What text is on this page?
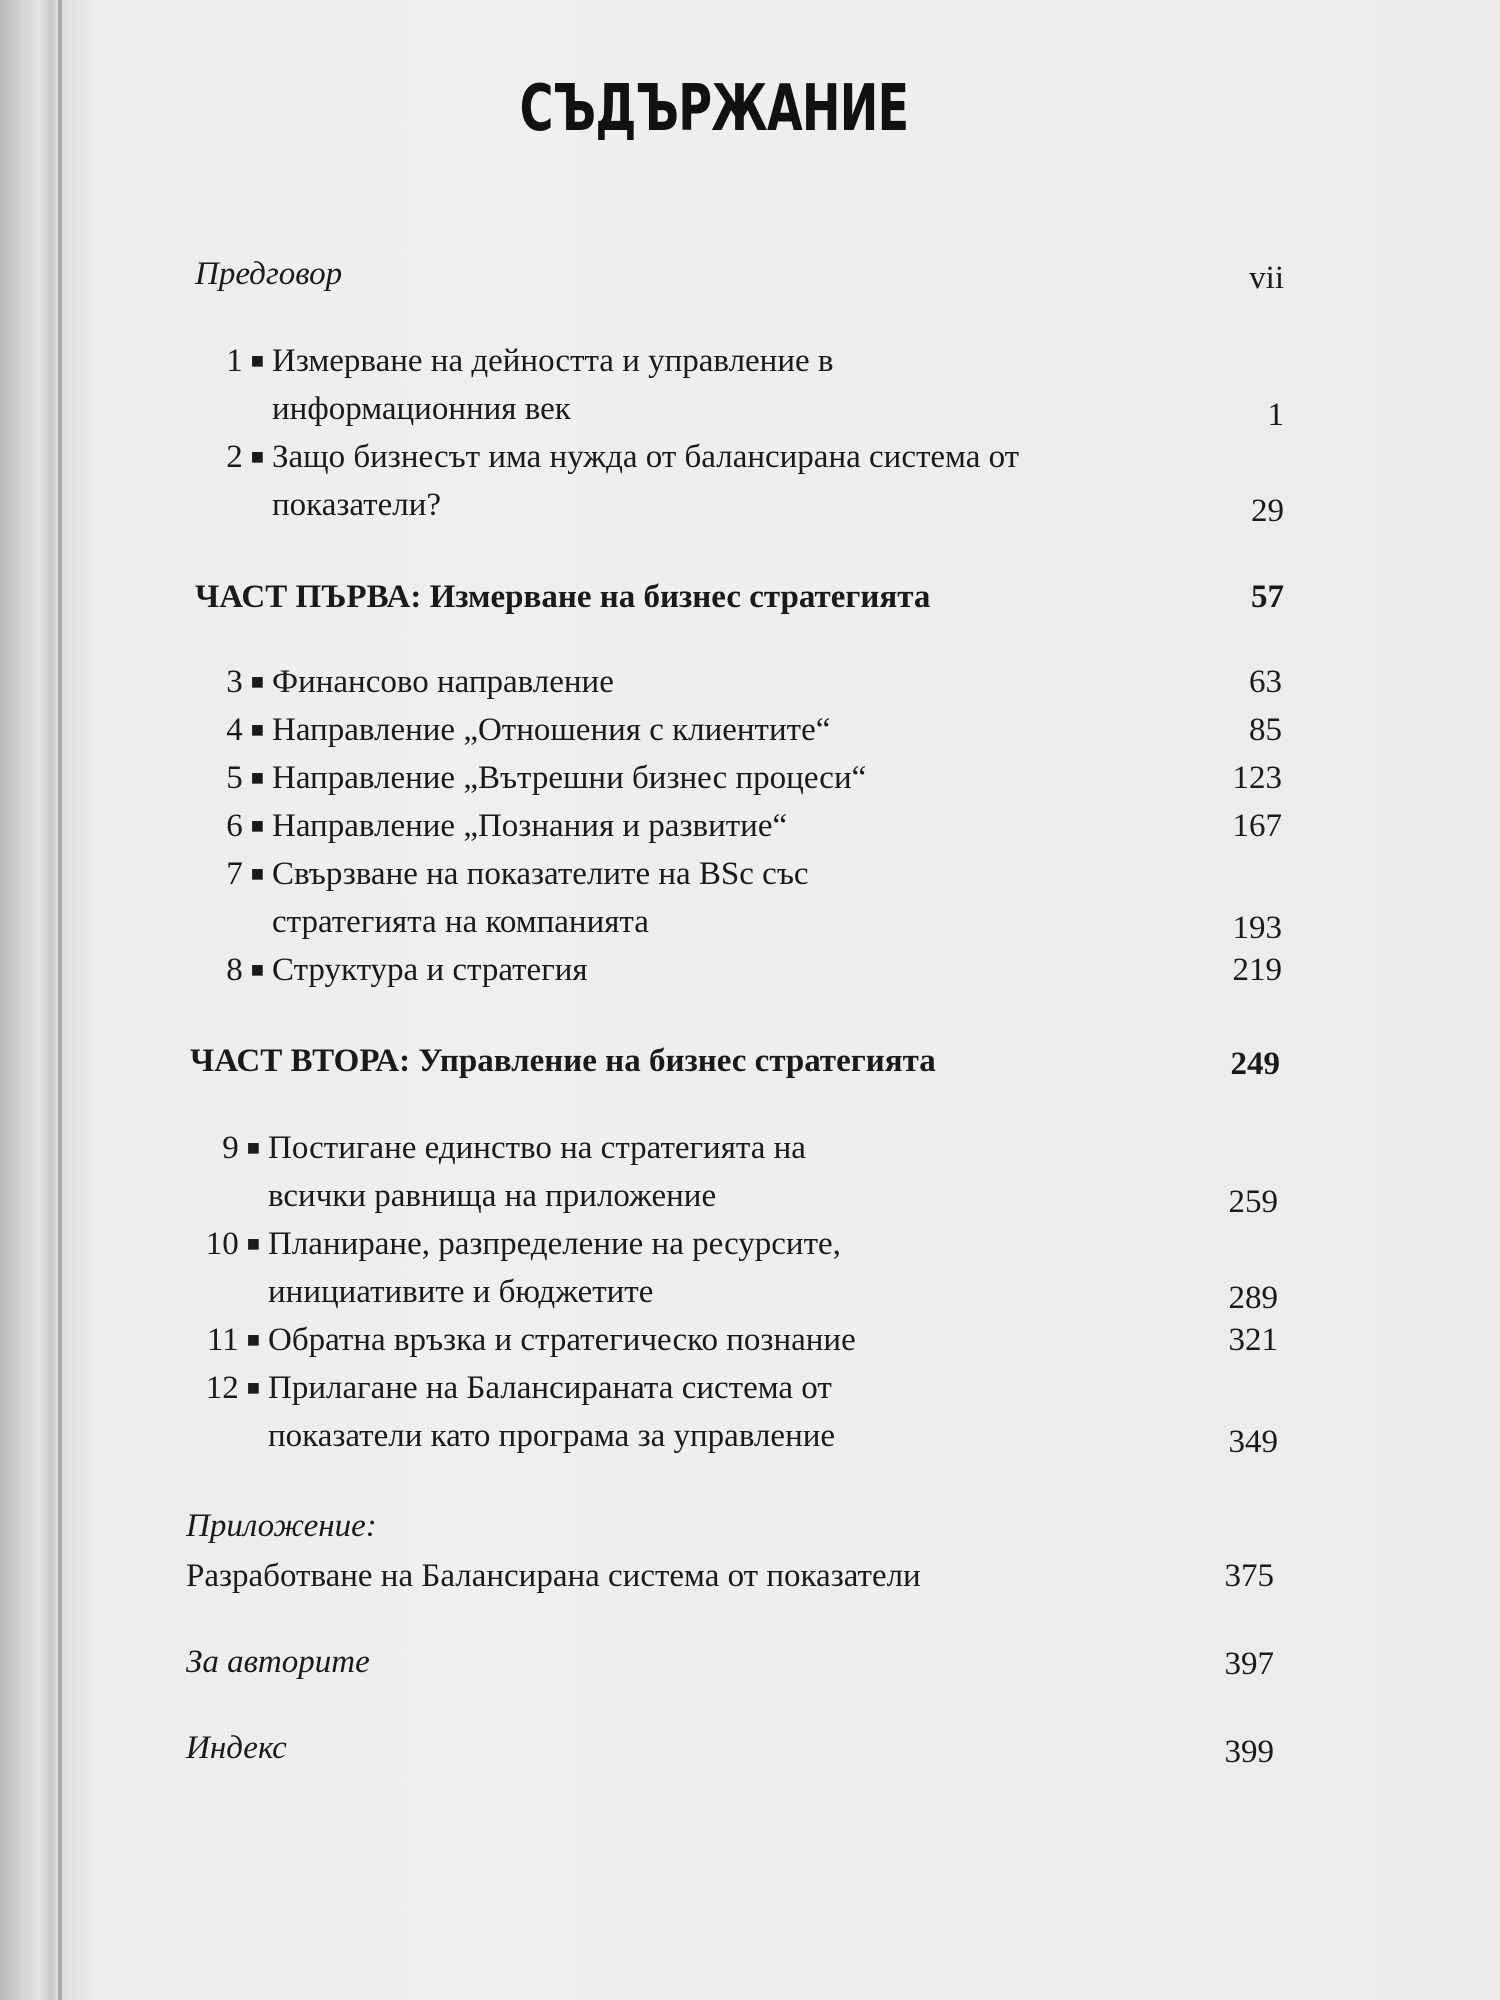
СЪДЪРЖАНИЕ
Предговор	vii
1 ■ Измерване на дейността и управление в
информационния век	1
2 ■ Защо бизнесът има нужда от балансирана система от
показатели?	29
ЧАСТ ПЪРВА: Измерване на бизнес стратегията	57
3 ■ Финансово направление	63
4 ■ Направление „Отношения с клиентите“	85
5 ■ Направление „Вътрешни бизнес процеси“	123
6 ■ Направление „Познания и развитие“	167
7 ■ Свързване на показателите на BSc със
стратегията на компанията	193
8 ■ Структура и стратегия	219
ЧАСТ ВТОРА: Управление на бизнес стратегията	249
9 ■ Постигане единство на стратегията на
всички равнища на приложение	259
10 ■ Планиране, разпределение на ресурсите,
инициативите и бюджетите	289
11 ■ Обратна връзка и стратегическо познание	321
12 ■ Прилагане на Балансираната система от
показатели като програма за управление	349
Приложение:
Разработване на Балансирана система от показатели	375
За авторите	397
Индекс	399
